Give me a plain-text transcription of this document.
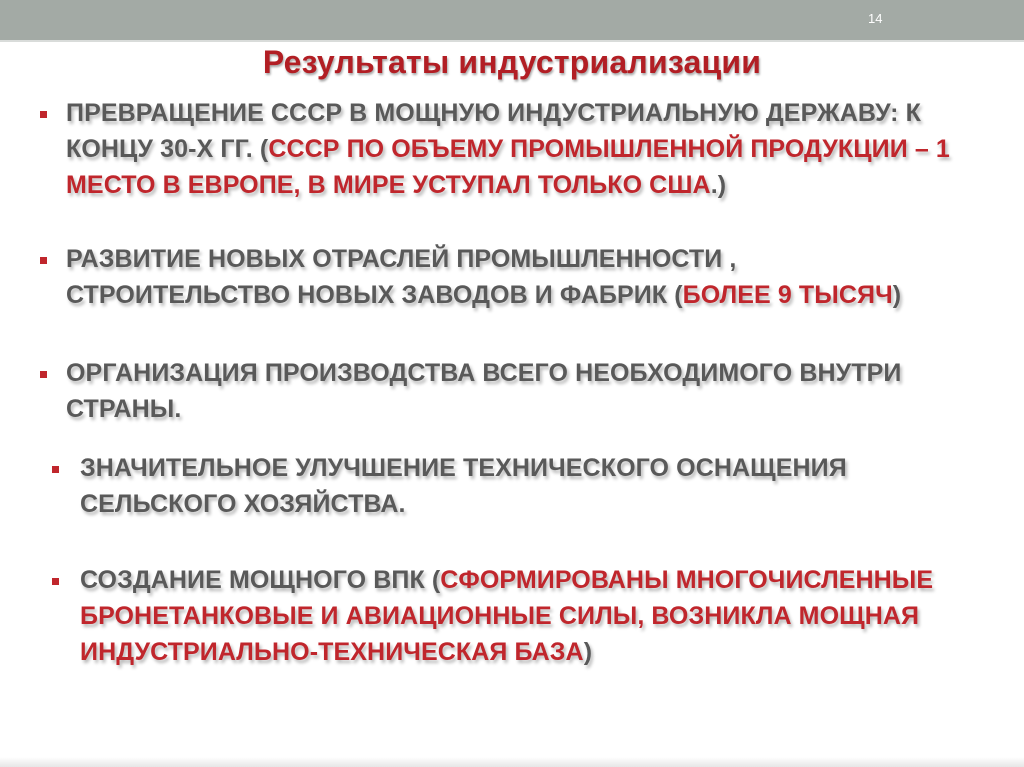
14
Результаты индустриализации

ПРЕВРАЩЕНИЕ СССР В МОЩНУЮ ИНДУСТРИАЛЬНУЮ ДЕРЖАВУ: К КОНЦУ 30-Х ГГ. (СССР ПО ОБЪЕМУ ПРОМЫШЛЕННОЙ ПРОДУКЦИИ – 1 МЕСТО В ЕВРОПЕ, В МИРЕ УСТУПАЛ ТОЛЬКО США.)

РАЗВИТИЕ НОВЫХ ОТРАСЛЕЙ ПРОМЫШЛЕННОСТИ , СТРОИТЕЛЬСТВО НОВЫХ ЗАВОДОВ И ФАБРИК (БОЛЕЕ 9 ТЫСЯЧ)

ОРГАНИЗАЦИЯ ПРОИЗВОДСТВА ВСЕГО НЕОБХОДИМОГО ВНУТРИ СТРАНЫ.

ЗНАЧИТЕЛЬНОЕ УЛУЧШЕНИЕ ТЕХНИЧЕСКОГО ОСНАЩЕНИЯ СЕЛЬСКОГО ХОЗЯЙСТВА.

СОЗДАНИЕ МОЩНОГО ВПК (СФОРМИРОВАНЫ МНОГОЧИСЛЕННЫЕ БРОНЕТАНКОВЫЕ И АВИАЦИОННЫЕ СИЛЫ, ВОЗНИКЛА МОЩНАЯ ИНДУСТРИАЛЬНО-ТЕХНИЧЕСКАЯ БАЗА)
